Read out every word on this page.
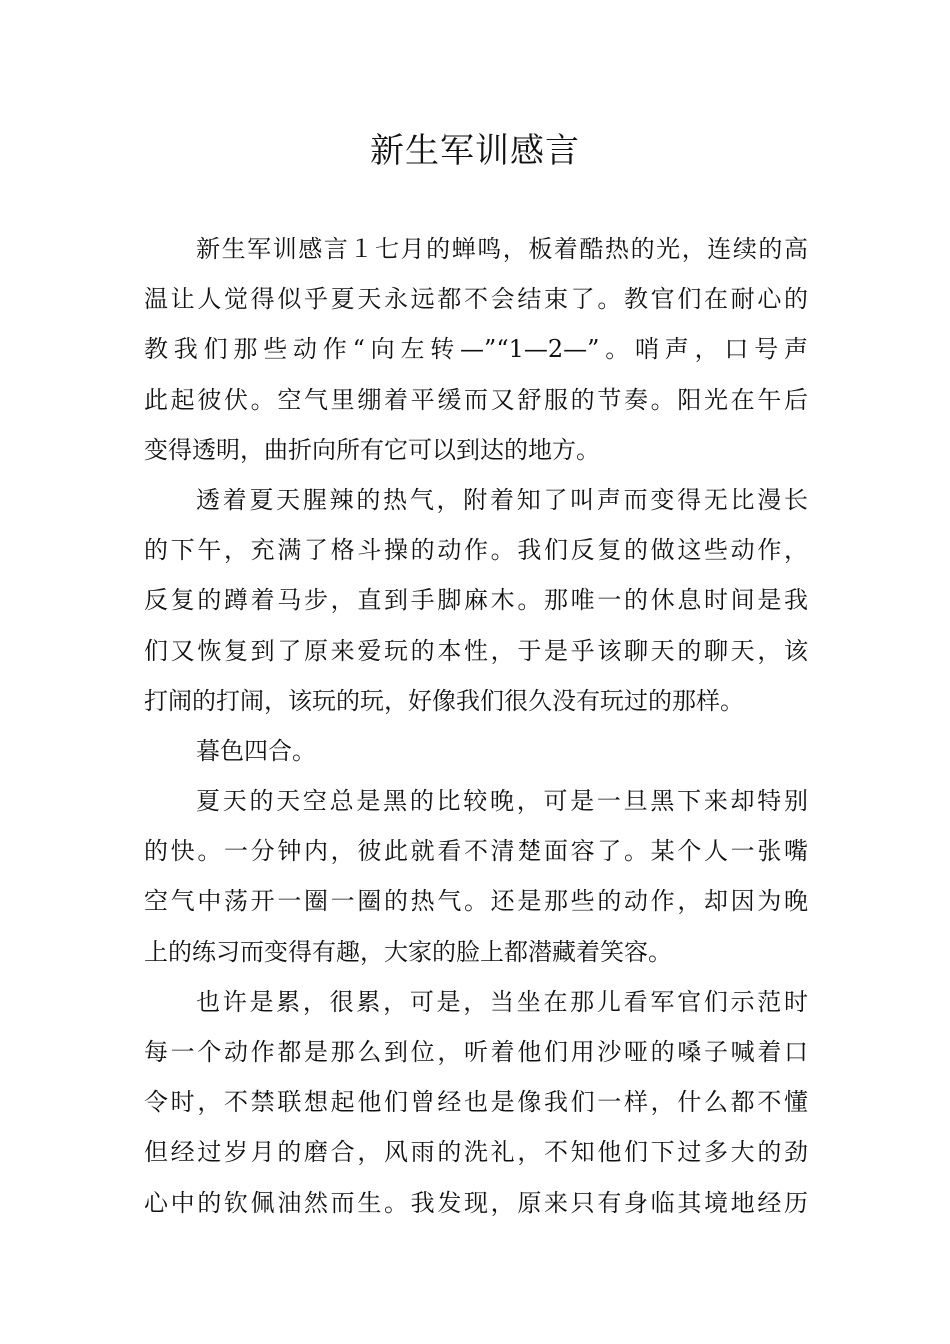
新生军训感言
新生军训感言１七月的蝉鸣，板着酷热的光，连续的高
温让人觉得似乎夏天永远都不会结束了。教官们在耐心的
教我们那些动作“向左转—”“1—2—”。哨声，口号声
此起彼伏。空气里绷着平缓而又舒服的节奏。阳光在午后
变得透明，曲折向所有它可以到达的地方。
透着夏天腥辣的热气，附着知了叫声而变得无比漫长
的下午，充满了格斗操的动作。我们反复的做这些动作，
反复的蹲着马步，直到手脚麻木。那唯一的休息时间是我
们又恢复到了原来爱玩的本性，于是乎该聊天的聊天，该
打闹的打闹，该玩的玩，好像我们很久没有玩过的那样。
暮色四合。
夏天的天空总是黑的比较晚，可是一旦黑下来却特别
的快。一分钟内，彼此就看不清楚面容了。某个人一张嘴
空气中荡开一圈一圈的热气。还是那些的动作，却因为晚
上的练习而变得有趣，大家的脸上都潜藏着笑容。
也许是累，很累，可是，当坐在那儿看军官们示范时
每一个动作都是那么到位，听着他们用沙哑的嗓子喊着口
令时，不禁联想起他们曾经也是像我们一样，什么都不懂
但经过岁月的磨合，风雨的洗礼，不知他们下过多大的劲
心中的钦佩油然而生。我发现，原来只有身临其境地经历
